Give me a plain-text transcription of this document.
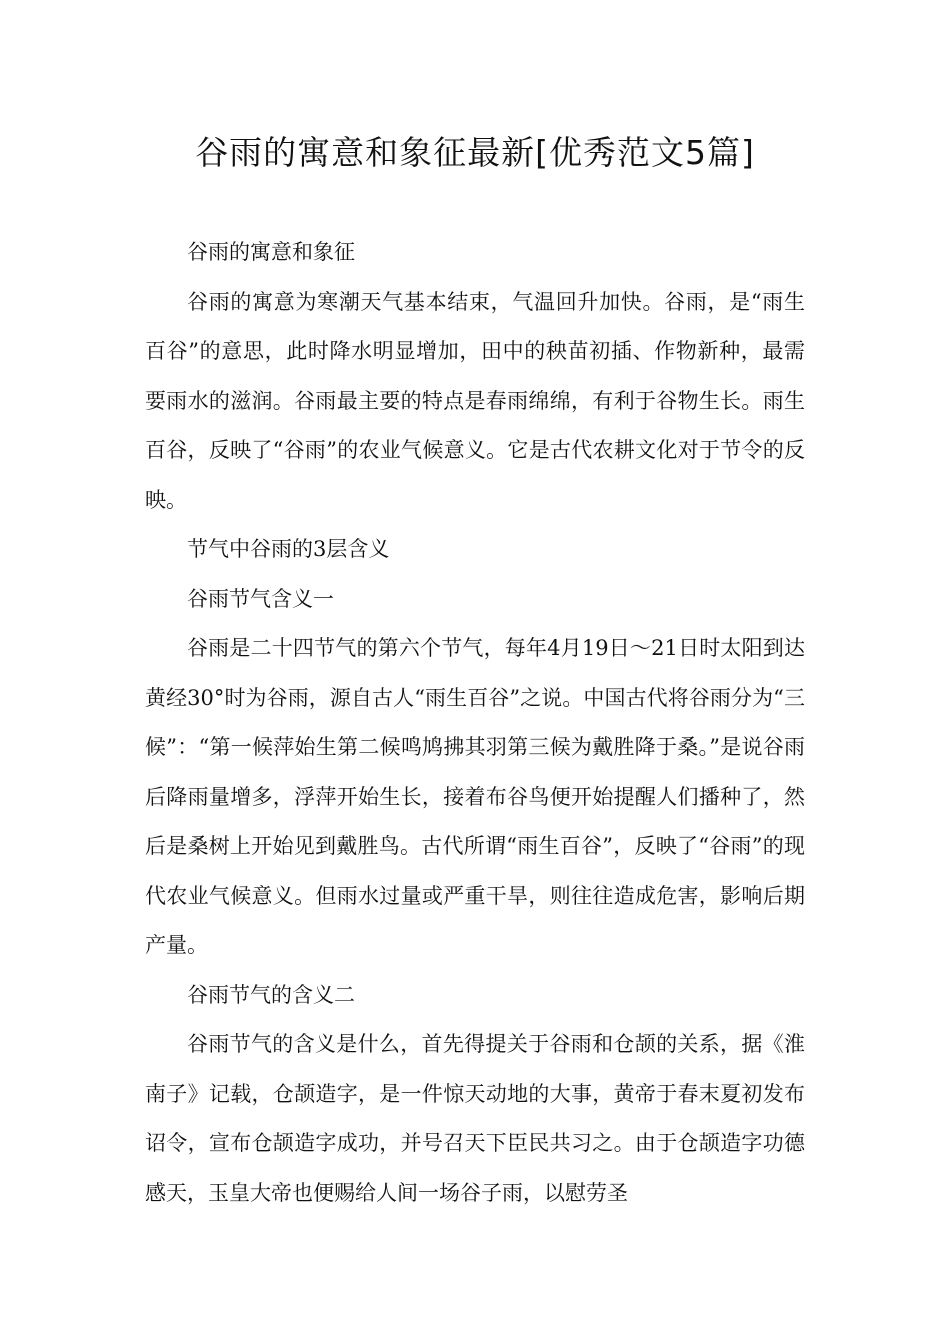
谷雨的寓意和象征最新[优秀范文5篇]
谷雨的寓意和象征
谷雨的寓意为寒潮天气基本结束，气温回升加快。谷雨，是“雨生百谷”的意思，此时降水明显增加，田中的秧苗初插、作物新种，最需要雨水的滋润。谷雨最主要的特点是春雨绵绵，有利于谷物生长。雨生百谷，反映了“谷雨”的农业气候意义。它是古代农耕文化对于节令的反映。
节气中谷雨的3层含义
谷雨节气含义一
谷雨是二十四节气的第六个节气，每年4月19日～21日时太阳到达黄经30°时为谷雨，源自古人“雨生百谷”之说。中国古代将谷雨分为“三候”：“第一候萍始生第二候鸣鸠拂其羽第三候为戴胜降于桑。”是说谷雨后降雨量增多，浮萍开始生长，接着布谷鸟便开始提醒人们播种了，然后是桑树上开始见到戴胜鸟。古代所谓“雨生百谷”，反映了“谷雨”的现代农业气候意义。但雨水过量或严重干旱，则往往造成危害，影响后期产量。
谷雨节气的含义二
谷雨节气的含义是什么，首先得提关于谷雨和仓颉的关系，据《淮南子》记载，仓颉造字，是一件惊天动地的大事，黄帝于春末夏初发布诏令，宣布仓颉造字成功，并号召天下臣民共习之。由于仓颉造字功德感天，玉皇大帝也便赐给人间一场谷子雨，以慰劳圣
